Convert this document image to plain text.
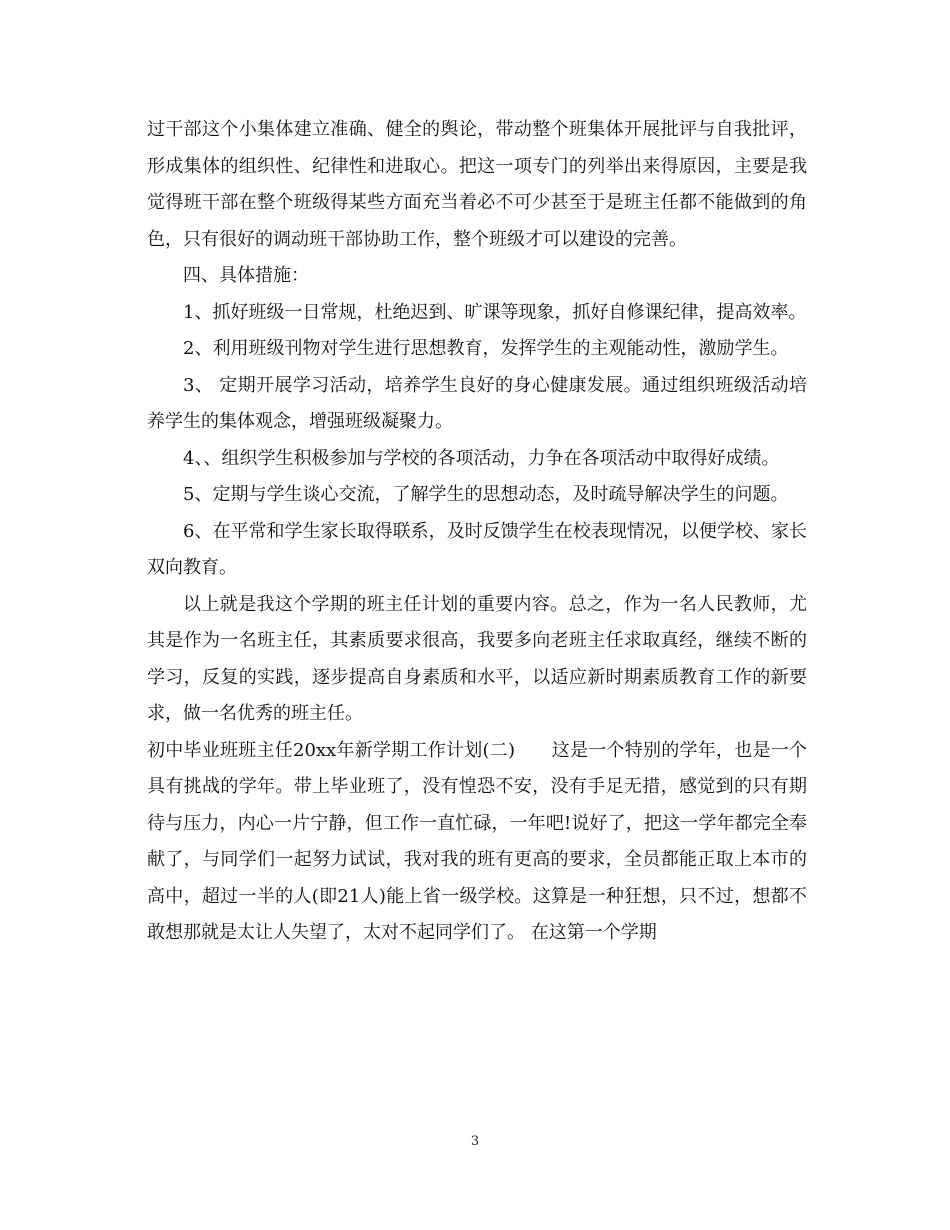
过干部这个小集体建立准确、健全的舆论，带动整个班集体开展批评与自我批评，形成集体的组织性、纪律性和进取心。把这一项专门的列举出来得原因，主要是我觉得班干部在整个班级得某些方面充当着必不可少甚至于是班主任都不能做到的角色，只有很好的调动班干部协助工作，整个班级才可以建设的完善。

四、具体措施：

1、抓好班级一日常规，杜绝迟到、旷课等现象，抓好自修课纪律，提高效率。

2、利用班级刊物对学生进行思想教育，发挥学生的主观能动性，激励学生。

3、 定期开展学习活动，培养学生良好的身心健康发展。通过组织班级活动培养学生的集体观念，增强班级凝聚力。

4、、组织学生积极参加与学校的各项活动，力争在各项活动中取得好成绩。

5、定期与学生谈心交流，了解学生的思想动态，及时疏导解决学生的问题。

6、在平常和学生家长取得联系，及时反馈学生在校表现情况，以便学校、家长双向教育。

以上就是我这个学期的班主任计划的重要内容。总之，作为一名人民教师，尤其是作为一名班主任，其素质要求很高，我要多向老班主任求取真经，继续不断的学习，反复的实践，逐步提高自身素质和水平，以适应新时期素质教育工作的新要求，做一名优秀的班主任。

初中毕业班班主任20xx年新学期工作计划(二)　　这是一个特别的学年，也是一个具有挑战的学年。带上毕业班了，没有惶恐不安，没有手足无措，感觉到的只有期待与压力，内心一片宁静，但工作一直忙碌，一年吧!说好了，把这一学年都完全奉献了，与同学们一起努力试试，我对我的班有更高的要求，全员都能正取上本市的高中，超过一半的人(即21人)能上省一级学校。这算是一种狂想，只不过，想都不敢想那就是太让人失望了，太对不起同学们了。 在这第一个学期

3
